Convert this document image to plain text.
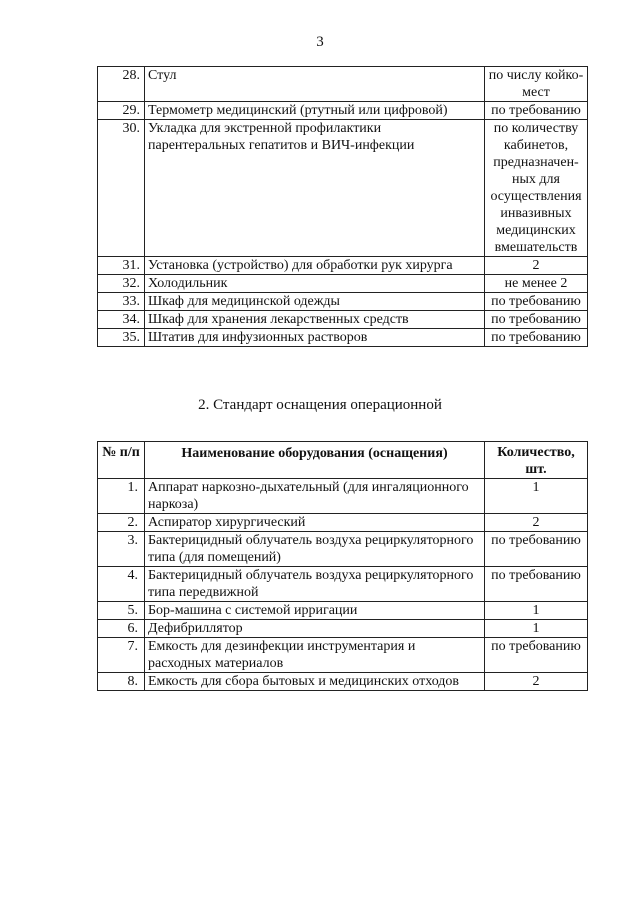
3
28.	Стул	по числу койко-мест
29.	Термометр медицинский (ртутный или цифровой)	по требованию
30.	Укладка для экстренной профилактики парентеральных гепатитов и ВИЧ-инфекции	по количеству кабинетов, предназначен-ных для осуществления инвазивных медицинских вмешательств
31.	Установка (устройство) для обработки рук хирурга	2
32.	Холодильник	не менее 2
33.	Шкаф для медицинской одежды	по требованию
34.	Шкаф для хранения лекарственных средств	по требованию
35.	Штатив для инфузионных растворов	по требованию
2. Стандарт оснащения операционной
№ п/п	Наименование оборудования (оснащения)	Количество, шт.
1.	Аппарат наркозно-дыхательный (для ингаляционного наркоза)	1
2.	Аспиратор хирургический	2
3.	Бактерицидный облучатель воздуха рециркуляторного типа (для помещений)	по требованию
4.	Бактерицидный облучатель воздуха рециркуляторного типа передвижной	по требованию
5.	Бор-машина с системой ирригации	1
6.	Дефибриллятор	1
7.	Емкость для дезинфекции инструментария и расходных материалов	по требованию
8.	Емкость для сбора бытовых и медицинских отходов	2
